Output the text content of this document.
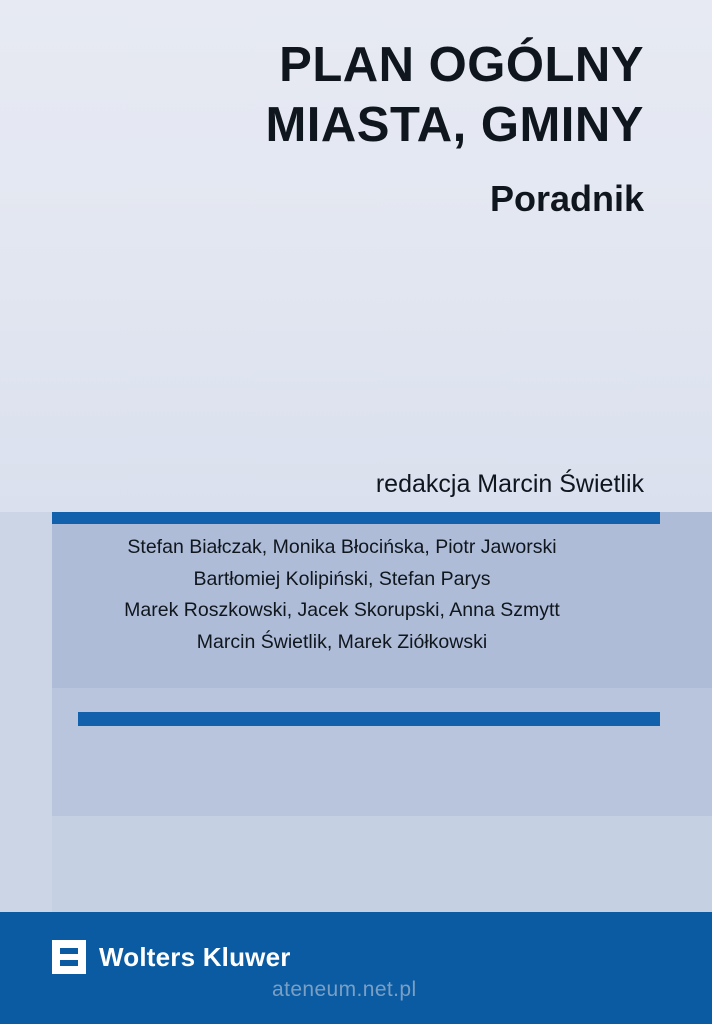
PLAN OGÓLNY
MIASTA, GMINY
Poradnik
redakcja Marcin Świetlik
Stefan Białczak, Monika Błocińska, Piotr Jaworski
Bartłomiej Kolipiński, Stefan Parys
Marek Roszkowski, Jacek Skorupski, Anna Szmytt
Marcin Świetlik, Marek Ziółkowski
Wolters Kluwer
ateneum.net.pl
